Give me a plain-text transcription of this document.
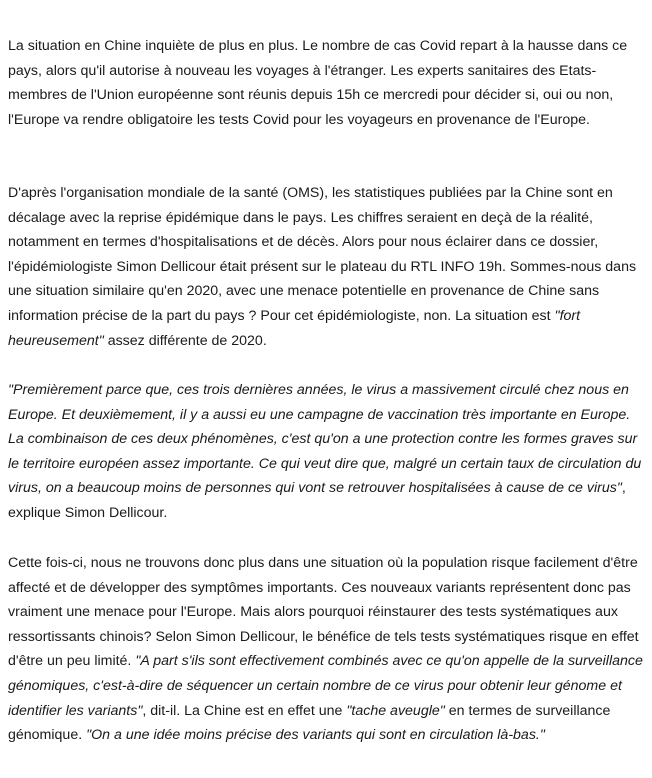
La situation en Chine inquiète de plus en plus. Le nombre de cas Covid repart à la hausse dans ce pays, alors qu'il autorise à nouveau les voyages à l'étranger. Les experts sanitaires des Etats-membres de l'Union européenne sont réunis depuis 15h ce mercredi pour décider si, oui ou non, l'Europe va rendre obligatoire les tests Covid pour les voyageurs en provenance de l'Europe.

D'après l'organisation mondiale de la santé (OMS), les statistiques publiées par la Chine sont en décalage avec la reprise épidémique dans le pays. Les chiffres seraient en deçà de la réalité, notamment en termes d'hospitalisations et de décès. Alors pour nous éclairer dans ce dossier, l'épidémiologiste Simon Dellicour était présent sur le plateau du RTL INFO 19h. Sommes-nous dans une situation similaire qu'en 2020, avec une menace potentielle en provenance de Chine sans information précise de la part du pays ? Pour cet épidémiologiste, non. La situation est "fort heureusement" assez différente de 2020.

"Premièrement parce que, ces trois dernières années, le virus a massivement circulé chez nous en Europe. Et deuxièmement, il y a aussi eu une campagne de vaccination très importante en Europe. La combinaison de ces deux phénomènes, c'est qu'on a une protection contre les formes graves sur le territoire européen assez importante. Ce qui veut dire que, malgré un certain taux de circulation du virus, on a beaucoup moins de personnes qui vont se retrouver hospitalisées à cause de ce virus", explique Simon Dellicour.

Cette fois-ci, nous ne trouvons donc plus dans une situation où la population risque facilement d'être affecté et de développer des symptômes importants. Ces nouveaux variants représentent donc pas vraiment une menace pour l'Europe. Mais alors pourquoi réinstaurer des tests systématiques aux ressortissants chinois? Selon Simon Dellicour, le bénéfice de tels tests systématiques risque en effet d'être un peu limité. "A part s'ils sont effectivement combinés avec ce qu'on appelle de la surveillance génomiques, c'est-à-dire de séquencer un certain nombre de ce virus pour obtenir leur génome et identifier les variants", dit-il. La Chine est en effet une "tache aveugle" en termes de surveillance génomique. "On a une idée moins précise des variants qui sont en circulation là-bas."
